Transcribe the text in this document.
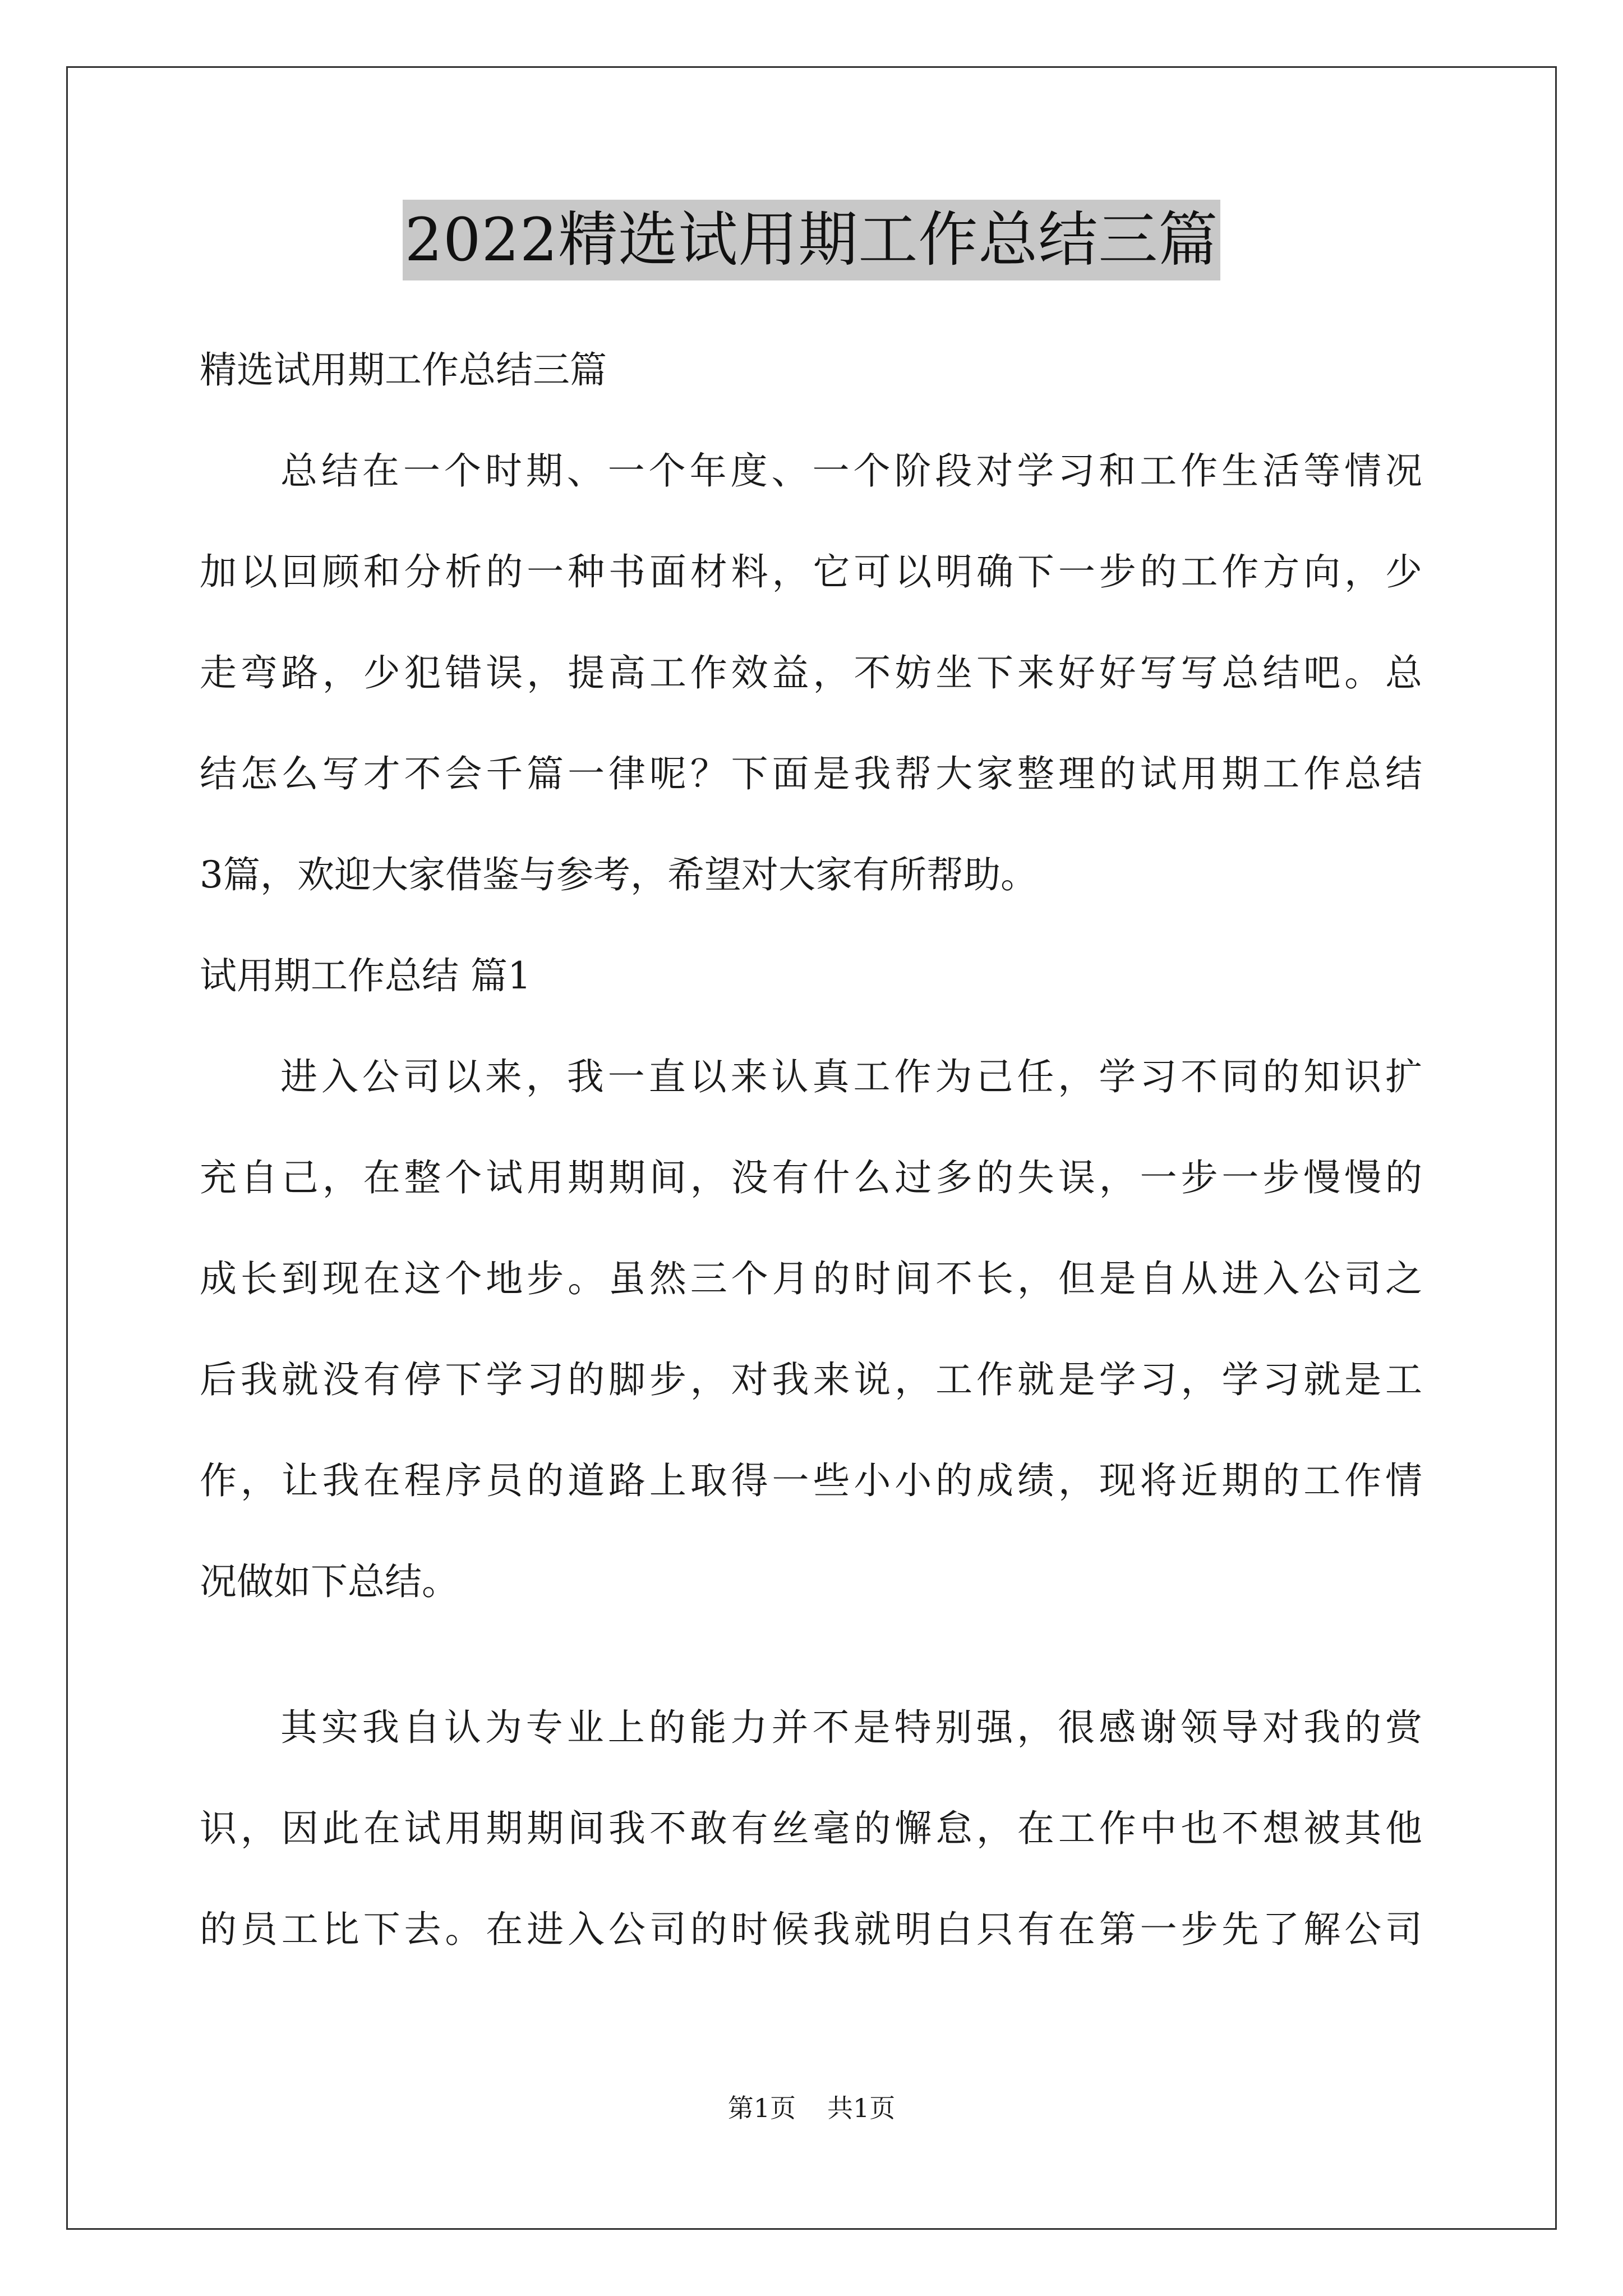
2022精选试用期工作总结三篇
精选试用期工作总结三篇
总结在一个时期、一个年度、一个阶段对学习和工作生活等情况
加以回顾和分析的一种书面材料，它可以明确下一步的工作方向，少
走弯路，少犯错误，提高工作效益，不妨坐下来好好写写总结吧。总
结怎么写才不会千篇一律呢？下面是我帮大家整理的试用期工作总结
3篇，欢迎大家借鉴与参考，希望对大家有所帮助。
试用期工作总结 篇1
进入公司以来，我一直以来认真工作为己任，学习不同的知识扩
充自己，在整个试用期期间，没有什么过多的失误，一步一步慢慢的
成长到现在这个地步。虽然三个月的时间不长，但是自从进入公司之
后我就没有停下学习的脚步，对我来说，工作就是学习，学习就是工
作，让我在程序员的道路上取得一些小小的成绩，现将近期的工作情
况做如下总结。
其实我自认为专业上的能力并不是特别强，很感谢领导对我的赏
识，因此在试用期期间我不敢有丝毫的懈怠，在工作中也不想被其他
的员工比下去。在进入公司的时候我就明白只有在第一步先了解公司
第1页 共1页
